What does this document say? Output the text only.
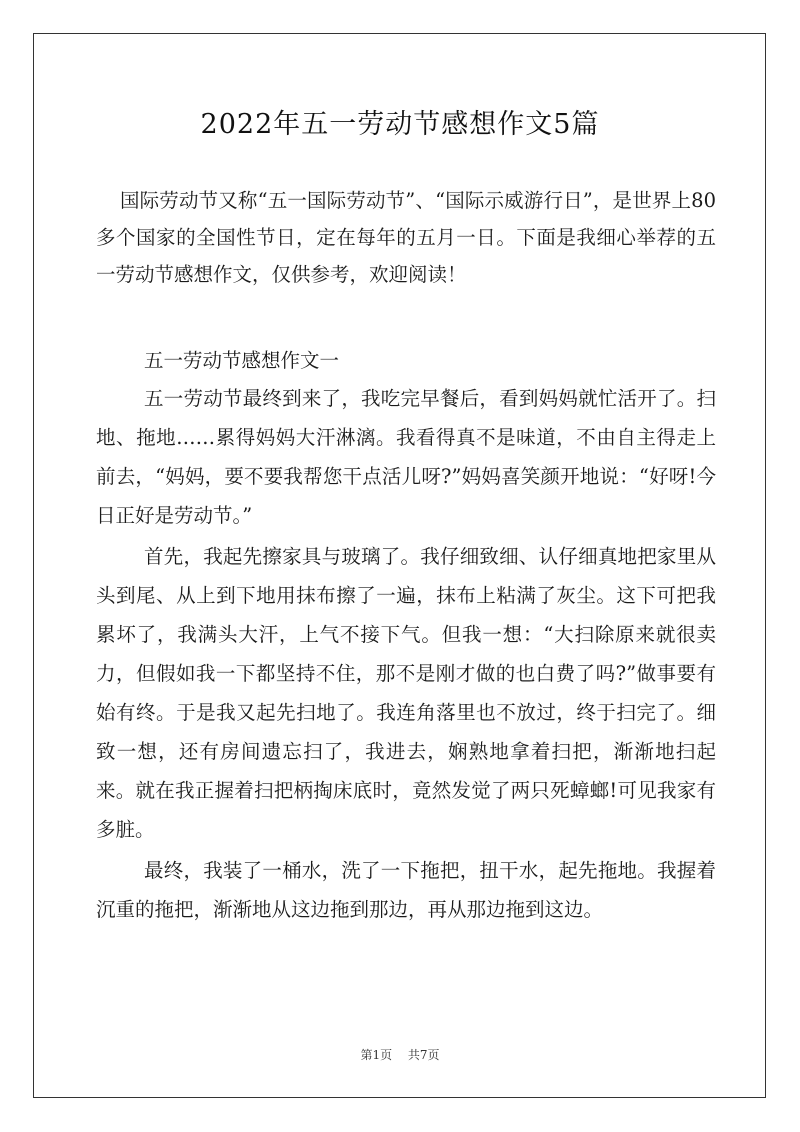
2022年五一劳动节感想作文5篇

国际劳动节又称“五一国际劳动节”、“国际示威游行日”，是世界上80多个国家的全国性节日，定在每年的五月一日。下面是我细心举荐的五一劳动节感想作文，仅供参考，欢迎阅读！

五一劳动节感想作文一

五一劳动节最终到来了，我吃完早餐后，看到妈妈就忙活开了。扫地、拖地……累得妈妈大汗淋漓。我看得真不是味道，不由自主得走上前去，“妈妈，要不要我帮您干点活儿呀?”妈妈喜笑颜开地说：“好呀!今日正好是劳动节。”

首先，我起先擦家具与玻璃了。我仔细致细、认仔细真地把家里从头到尾、从上到下地用抹布擦了一遍，抹布上粘满了灰尘。这下可把我累坏了，我满头大汗，上气不接下气。但我一想：“大扫除原来就很卖力，但假如我一下都坚持不住，那不是刚才做的也白费了吗?”做事要有始有终。于是我又起先扫地了。我连角落里也不放过，终于扫完了。细致一想，还有房间遗忘扫了，我进去，娴熟地拿着扫把，渐渐地扫起来。就在我正握着扫把柄掏床底时，竟然发觉了两只死蟑螂!可见我家有多脏。

最终，我装了一桶水，洗了一下拖把，扭干水，起先拖地。我握着沉重的拖把，渐渐地从这边拖到那边，再从那边拖到这边。

第1页 共7页
